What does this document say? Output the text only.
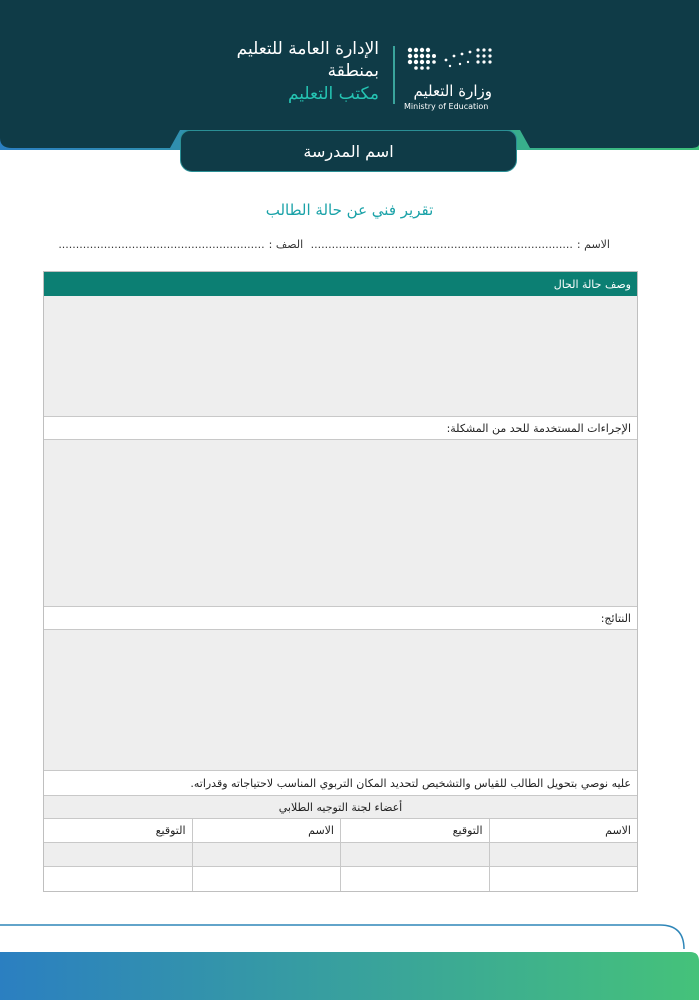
الإدارة العامة للتعليم
بمنطقة
مكتب التعليم وزارة التعليم
Ministry of Education
اسم المدرسة
تقرير فني عن حالة الطالب
الاسم :........................................................................... الصف :...........................................................
وصف حالة الحال
الإجراءات المستخدمة للحد من المشكلة:
النتائج:
عليه نوصي بتحويل الطالب للقياس والتشخيص لتحديد المكان التربوي المناسب لاحتياجاته وقدراته.
أعضاء لجنة التوجيه الطلابي
الاسم
التوقيع
الاسم
التوقيع
